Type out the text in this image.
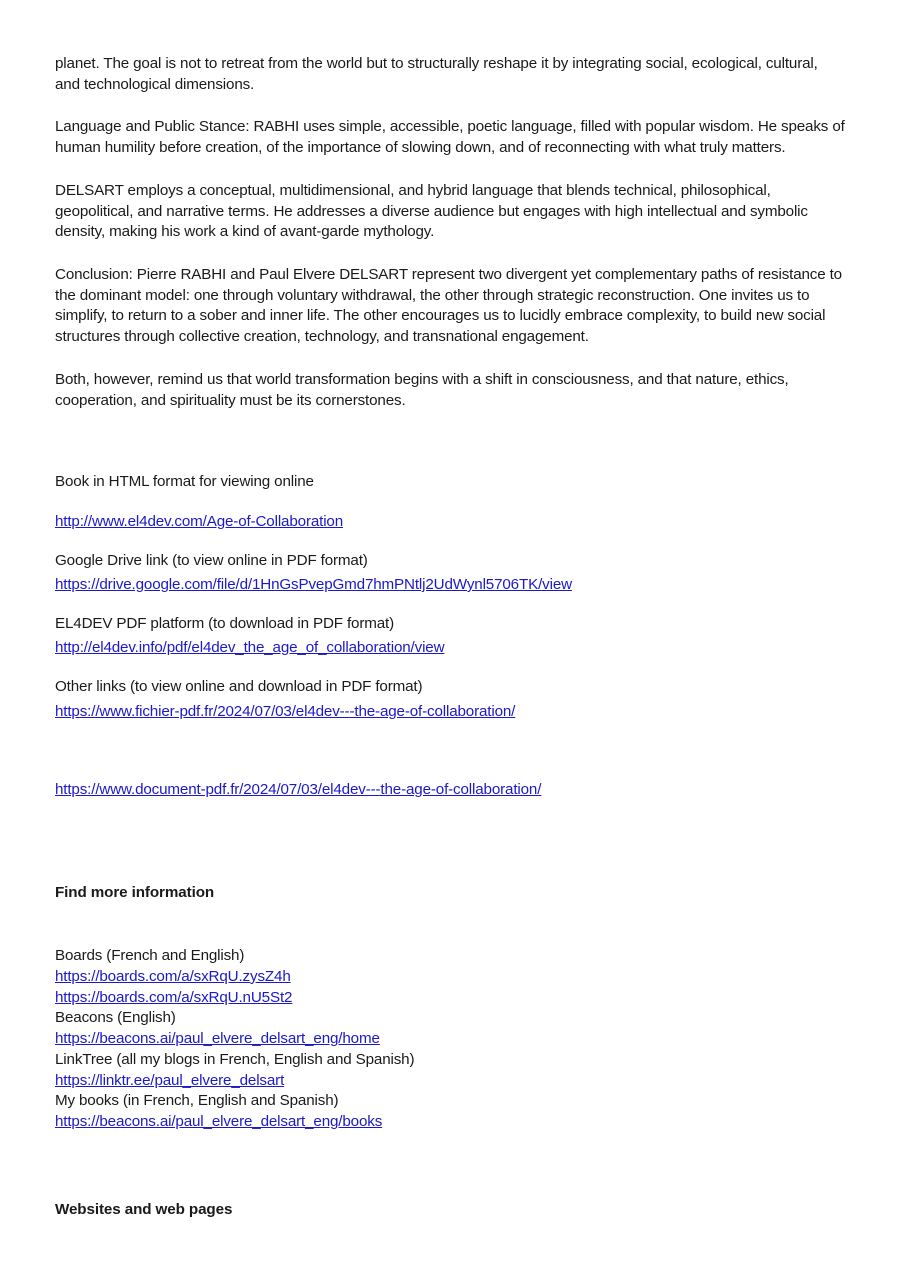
planet. The goal is not to retreat from the world but to structurally reshape it by integrating social, ecological, cultural,
and technological dimensions.
Language and Public Stance: RABHI uses simple, accessible, poetic language, filled with popular wisdom. He speaks of
human humility before creation, of the importance of slowing down, and of reconnecting with what truly matters.
DELSART employs a conceptual, multidimensional, and hybrid language that blends technical, philosophical,
geopolitical, and narrative terms. He addresses a diverse audience but engages with high intellectual and symbolic
density, making his work a kind of avant-garde mythology.
Conclusion: Pierre RABHI and Paul Elvere DELSART represent two divergent yet complementary paths of resistance to
the dominant model: one through voluntary withdrawal, the other through strategic reconstruction. One invites us to
simplify, to return to a sober and inner life. The other encourages us to lucidly embrace complexity, to build new social
structures through collective creation, technology, and transnational engagement.
Both, however, remind us that world transformation begins with a shift in consciousness, and that nature, ethics,
cooperation, and spirituality must be its cornerstones.
Book in HTML format for viewing online
http://www.el4dev.com/Age-of-Collaboration
Google Drive link (to view online in PDF format)
https://drive.google.com/file/d/1HnGsPvepGmd7hmPNtlj2UdWynl5706TK/view
EL4DEV PDF platform (to download in PDF format)
http://el4dev.info/pdf/el4dev_the_age_of_collaboration/view
Other links (to view online and download in PDF format)
https://www.fichier-pdf.fr/2024/07/03/el4dev---the-age-of-collaboration/
https://www.document-pdf.fr/2024/07/03/el4dev---the-age-of-collaboration/
Find more information
Boards (French and English)
https://boards.com/a/sxRqU.zysZ4h
https://boards.com/a/sxRqU.nU5St2
Beacons (English)
https://beacons.ai/paul_elvere_delsart_eng/home
LinkTree (all my blogs in French, English and Spanish)
https://linktr.ee/paul_elvere_delsart
My books (in French, English and Spanish)
https://beacons.ai/paul_elvere_delsart_eng/books
Websites and web pages
